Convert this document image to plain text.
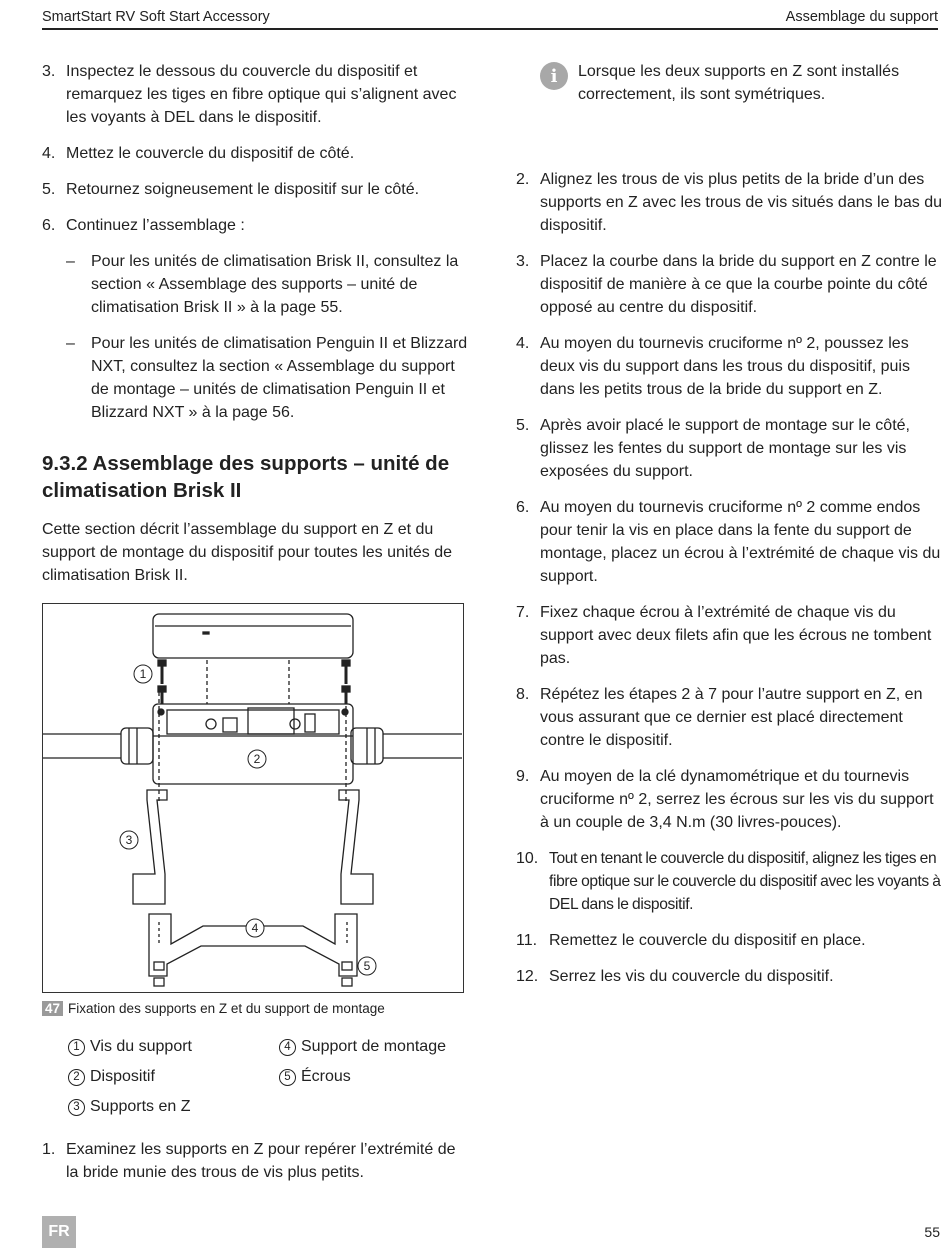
SmartStart RV Soft Start Accessory	Assemblage du support
3. Inspectez le dessous du couvercle du dispositif et remarquez les tiges en fibre optique qui s’alignent avec les voyants à DEL dans le dispositif.
4. Mettez le couvercle du dispositif de côté.
5. Retournez soigneusement le dispositif sur le côté.
6. Continuez l’assemblage :
–	Pour les unités de climatisation Brisk II, consultez la section « Assemblage des supports – unité de climatisation Brisk II » à la page 55.
–	Pour les unités de climatisation Penguin II et Blizzard NXT, consultez la section « Assemblage du support de montage – unités de climatisation Penguin II et Blizzard NXT » à la page 56.
9.3.2 Assemblage des supports – unité de climatisation Brisk II

Cette section décrit l’assemblage du support en Z et du support de montage du dispositif pour toutes les unités de climatisation Brisk II.

1
2
3
4
5
47 Fixation des supports en Z et du support de montage
1 Vis du support	4 Support de montage
2 Dispositif	5 Écrous
3 Supports en Z
1. Examinez les supports en Z pour repérer l’extrémité de la bride munie des trous de vis plus petits.
i	Lorsque les deux supports en Z sont installés correctement, ils sont symétriques.
2. Alignez les trous de vis plus petits de la bride d’un des supports en Z avec les trous de vis situés dans le bas du dispositif.
3. Placez la courbe dans la bride du support en Z contre le dispositif de manière à ce que la courbe pointe du côté opposé au centre du dispositif.
4. Au moyen du tournevis cruciforme nº 2, poussez les deux vis du support dans les trous du dispositif, puis dans les petits trous de la bride du support en Z.
5. Après avoir placé le support de montage sur le côté, glissez les fentes du support de montage sur les vis exposées du support.
6. Au moyen du tournevis cruciforme nº 2 comme endos pour tenir la vis en place dans la fente du support de montage, placez un écrou à l’extrémité de chaque vis du support.
7. Fixez chaque écrou à l’extrémité de chaque vis du support avec deux filets afin que les écrous ne tombent pas.
8. Répétez les étapes 2 à 7 pour l’autre support en Z, en vous assurant que ce dernier est placé directement contre le dispositif.
9. Au moyen de la clé dynamométrique et du tournevis cruciforme nº 2, serrez les écrous sur les vis du support à un couple de 3,4 N.m (30 livres-pouces).
10. Tout en tenant le couvercle du dispositif, alignez les tiges en fibre optique sur le couvercle du dispositif avec les voyants à DEL dans le dispositif.
11. Remettez le couvercle du dispositif en place.
12. Serrez les vis du couvercle du dispositif.
FR	55
